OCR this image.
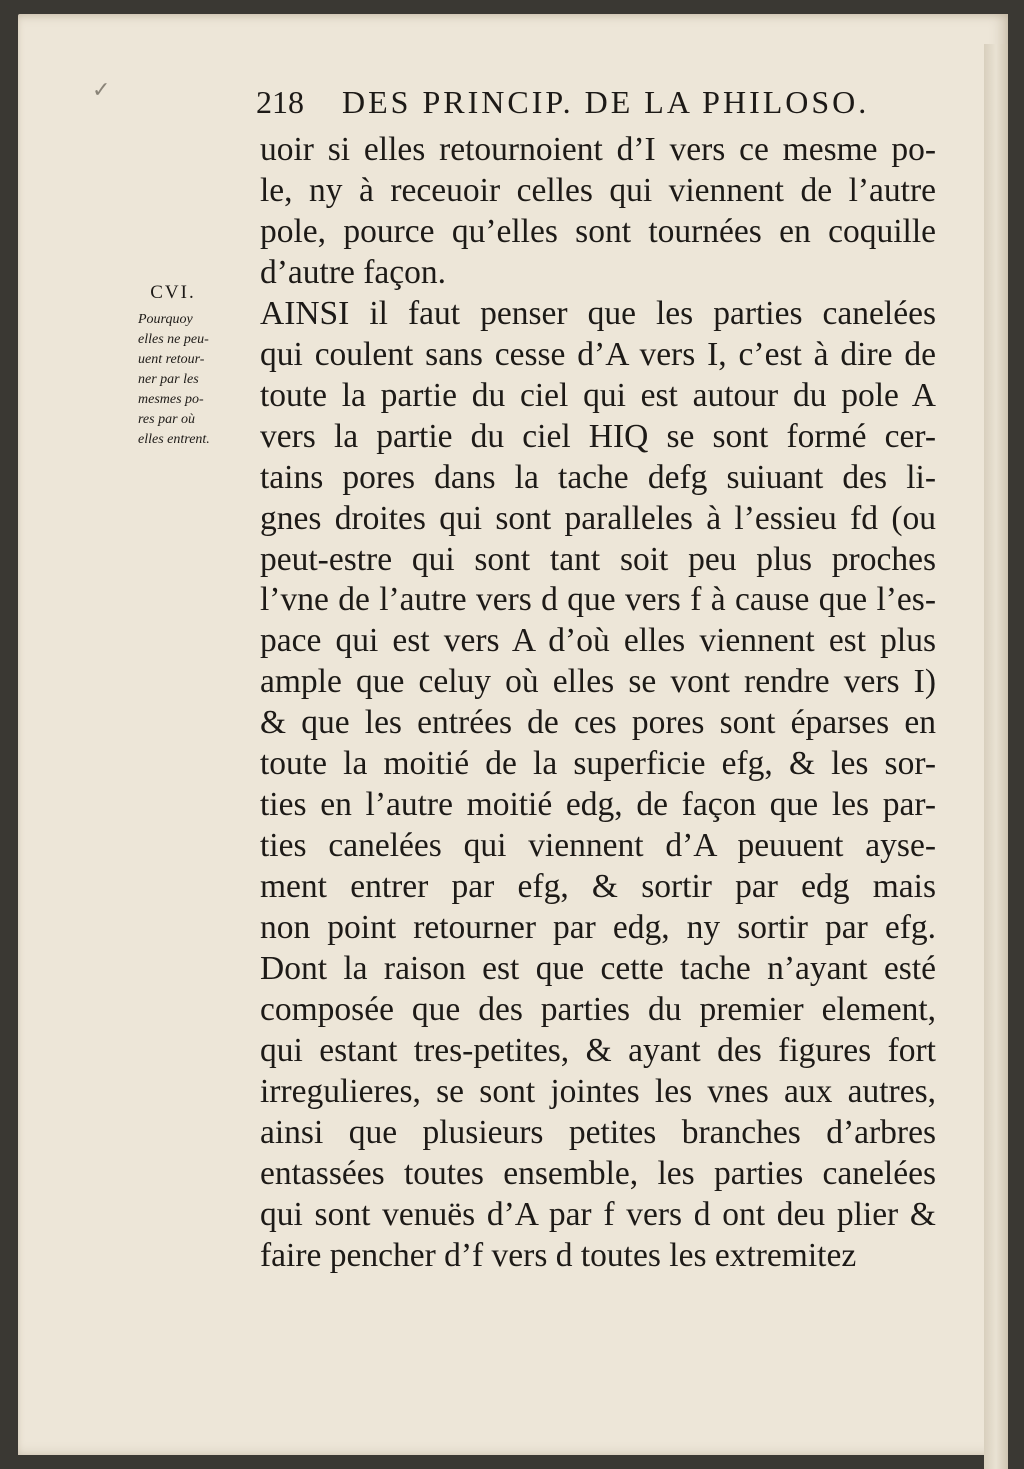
✓	218 DES PRINCIP. DE LA PHILOSO.
CVI.
Pourquoy
elles ne peu-
uent retour-
ner par les
mesmes po-
res par où
elles entrent.
uoir si elles retournoient d’I vers ce mesme po-
le, ny à receuoir celles qui viennent de l’autre
pole, pource qu’elles sont tournées en coquille
d’autre façon.
AINSI il faut penser que les parties canelées
qui coulent sans cesse d’A vers I, c’est à dire de
toute la partie du ciel qui est autour du pole A
vers la partie du ciel HIQ se sont formé cer-
tains pores dans la tache defg suiuant des li-
gnes droites qui sont paralleles à l’essieu fd (ou
peut-estre qui sont tant soit peu plus proches
l’vne de l’autre vers d que vers f à cause que l’es-
pace qui est vers A d’où elles viennent est plus
ample que celuy où elles se vont rendre vers I)
& que les entrées de ces pores sont éparses en
toute la moitié de la superficie efg, & les sor-
ties en l’autre moitié edg, de façon que les par-
ties canelées qui viennent d’A peuuent ayse-
ment entrer par efg, & sortir par edg mais
non point retourner par edg, ny sortir par efg.
Dont la raison est que cette tache n’ayant esté
composée que des parties du premier element,
qui estant tres-petites, & ayant des figures fort
irregulieres, se sont jointes les vnes aux autres,
ainsi que plusieurs petites branches d’arbres
entassées toutes ensemble, les parties canelées
qui sont venuës d’A par f vers d ont deu plier &
faire pencher d’f vers d toutes les extremitez
